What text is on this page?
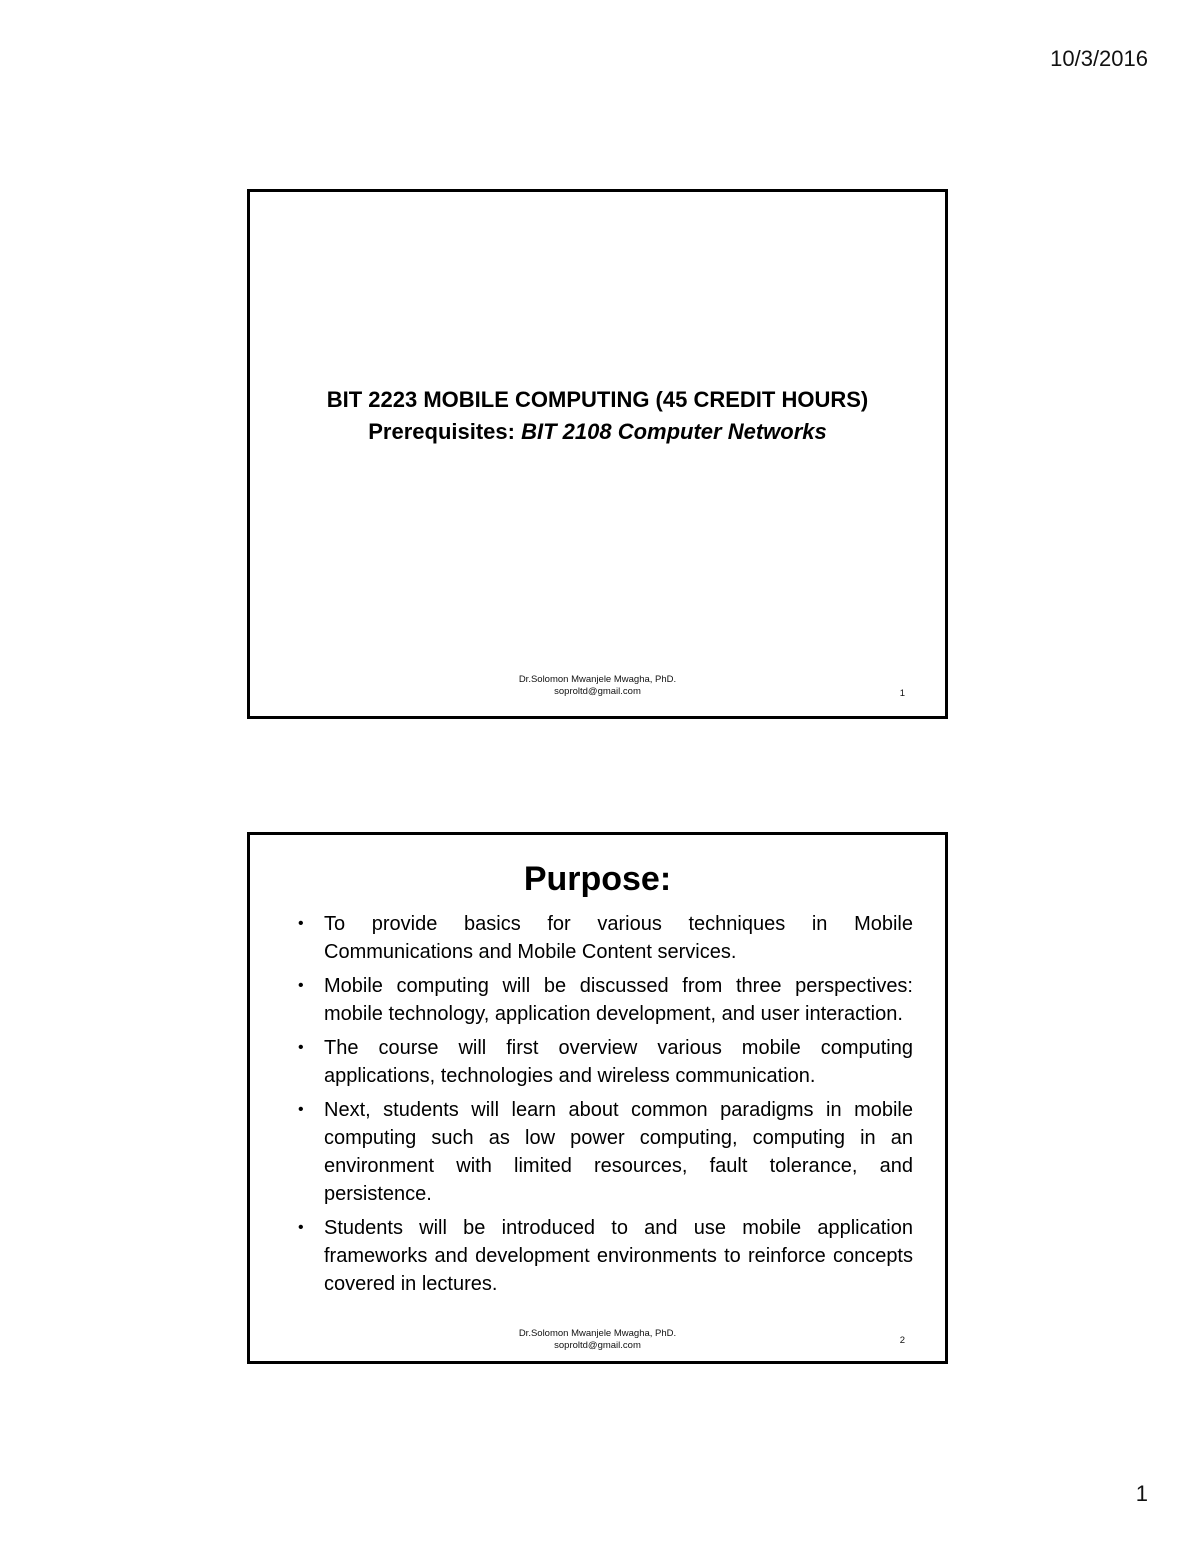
10/3/2016
BIT 2223 MOBILE COMPUTING (45 CREDIT HOURS)
Prerequisites: BIT 2108 Computer Networks
Dr.Solomon Mwanjele Mwagha, PhD.
soproltd@gmail.com	1
Purpose:
• To provide basics for various techniques in Mobile Communications and Mobile Content services.
• Mobile computing will be discussed from three perspectives: mobile technology, application development, and user interaction.
• The course will first overview various mobile computing applications, technologies and wireless communication.
• Next, students will learn about common paradigms in mobile computing such as low power computing, computing in an environment with limited resources, fault tolerance, and persistence.
• Students will be introduced to and use mobile application frameworks and development environments to reinforce concepts covered in lectures.
Dr.Solomon Mwanjele Mwagha, PhD.
soproltd@gmail.com	2
1
